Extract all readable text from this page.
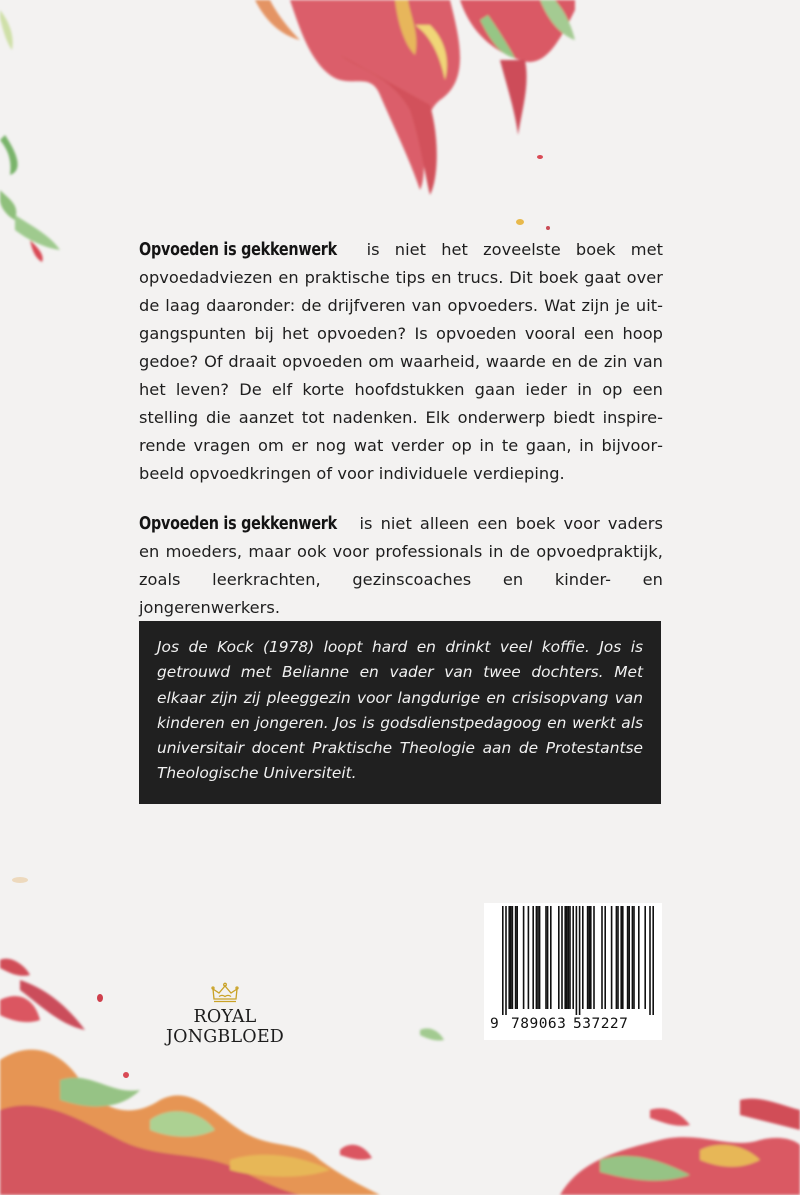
Opvoeden is gekkenwerk is niet het zoveelste boek met opvoedadviezen en praktische tips en trucs. Dit boek gaat over de laag daaronder: de drijfveren van opvoeders. Wat zijn je uitgangspunten bij het opvoeden? Is opvoeden vooral een hoop gedoe? Of draait opvoeden om waarheid, waarde en de zin van het leven? De elf korte hoofdstukken gaan ieder in op een stelling die aanzet tot nadenken. Elk onderwerp biedt inspirerende vragen om er nog wat verder op in te gaan, in bijvoorbeeld opvoedkringen of voor individuele verdieping.

Opvoeden is gekkenwerk is niet alleen een boek voor vaders en moeders, maar ook voor professionals in de opvoedpraktijk, zoals leerkrachten, gezinscoaches en kinder- en jongerenwerkers.

Jos de Kock (1978) loopt hard en drinkt veel koffie. Jos is getrouwd met Belianne en vader van twee dochters. Met elkaar zijn zij pleeggezin voor langdurige en crisisopvang van kinderen en jongeren. Jos is godsdienstpedagoog en werkt als universitair docent Praktische Theologie aan de Protestantse Theologische Universiteit.

ROYAL JONGBLOED
9 789063 537227
